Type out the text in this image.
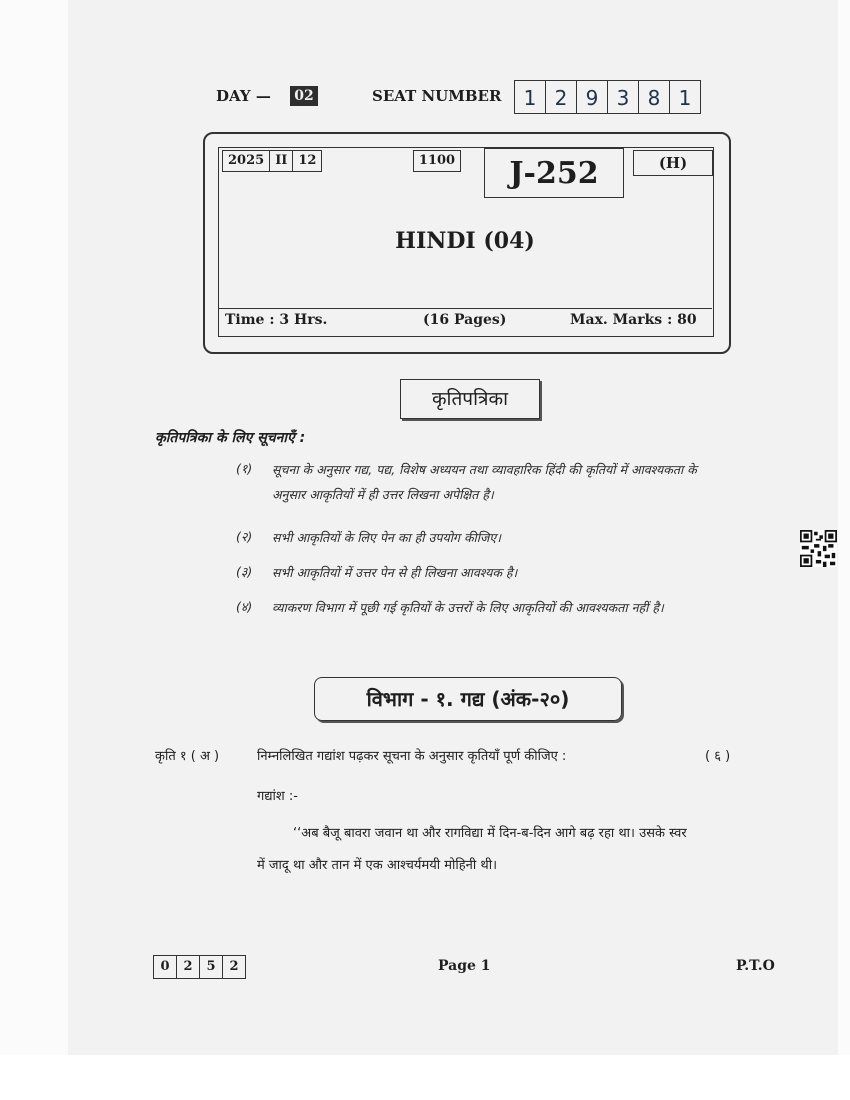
DAY —	02	SEAT NUMBER	1 2 9 3 8 1
2025 II 12	1100	J-252	(H)
HINDI (04)
Time : 3 Hrs.	(16 Pages)	Max. Marks : 80
कृतिपत्रिका
कृतिपत्रिका के लिए सूचनाएँ :
(१) सूचना के अनुसार गद्य, पद्य, विशेष अध्ययन तथा व्यावहारिक हिंदी की कृतियों में आवश्यकता के अनुसार आकृतियों में ही उत्तर लिखना अपेक्षित है।
(२) सभी आकृतियों के लिए पेन का ही उपयोग कीजिए।
(३) सभी आकृतियों में उत्तर पेन से ही लिखना आवश्यक है।
(४) व्याकरण विभाग में पूछी गई कृतियों के उत्तरों के लिए आकृतियों की आवश्यकता नहीं है।
विभाग - १. गद्य (अंक-२०)
कृति १ ( अ )	निम्नलिखित गद्यांश पढ़कर सूचना के अनुसार कृतियाँ पूर्ण कीजिए :	( ६ )
गद्यांश :-
‘‘अब बैजू बावरा जवान था और रागविद्या में दिन-ब-दिन आगे बढ़ रहा था। उसके स्वर में जादू था और तान में एक आश्चर्यमयी मोहिनी थी।
0	2	5	2	Page 1	P.T.O
